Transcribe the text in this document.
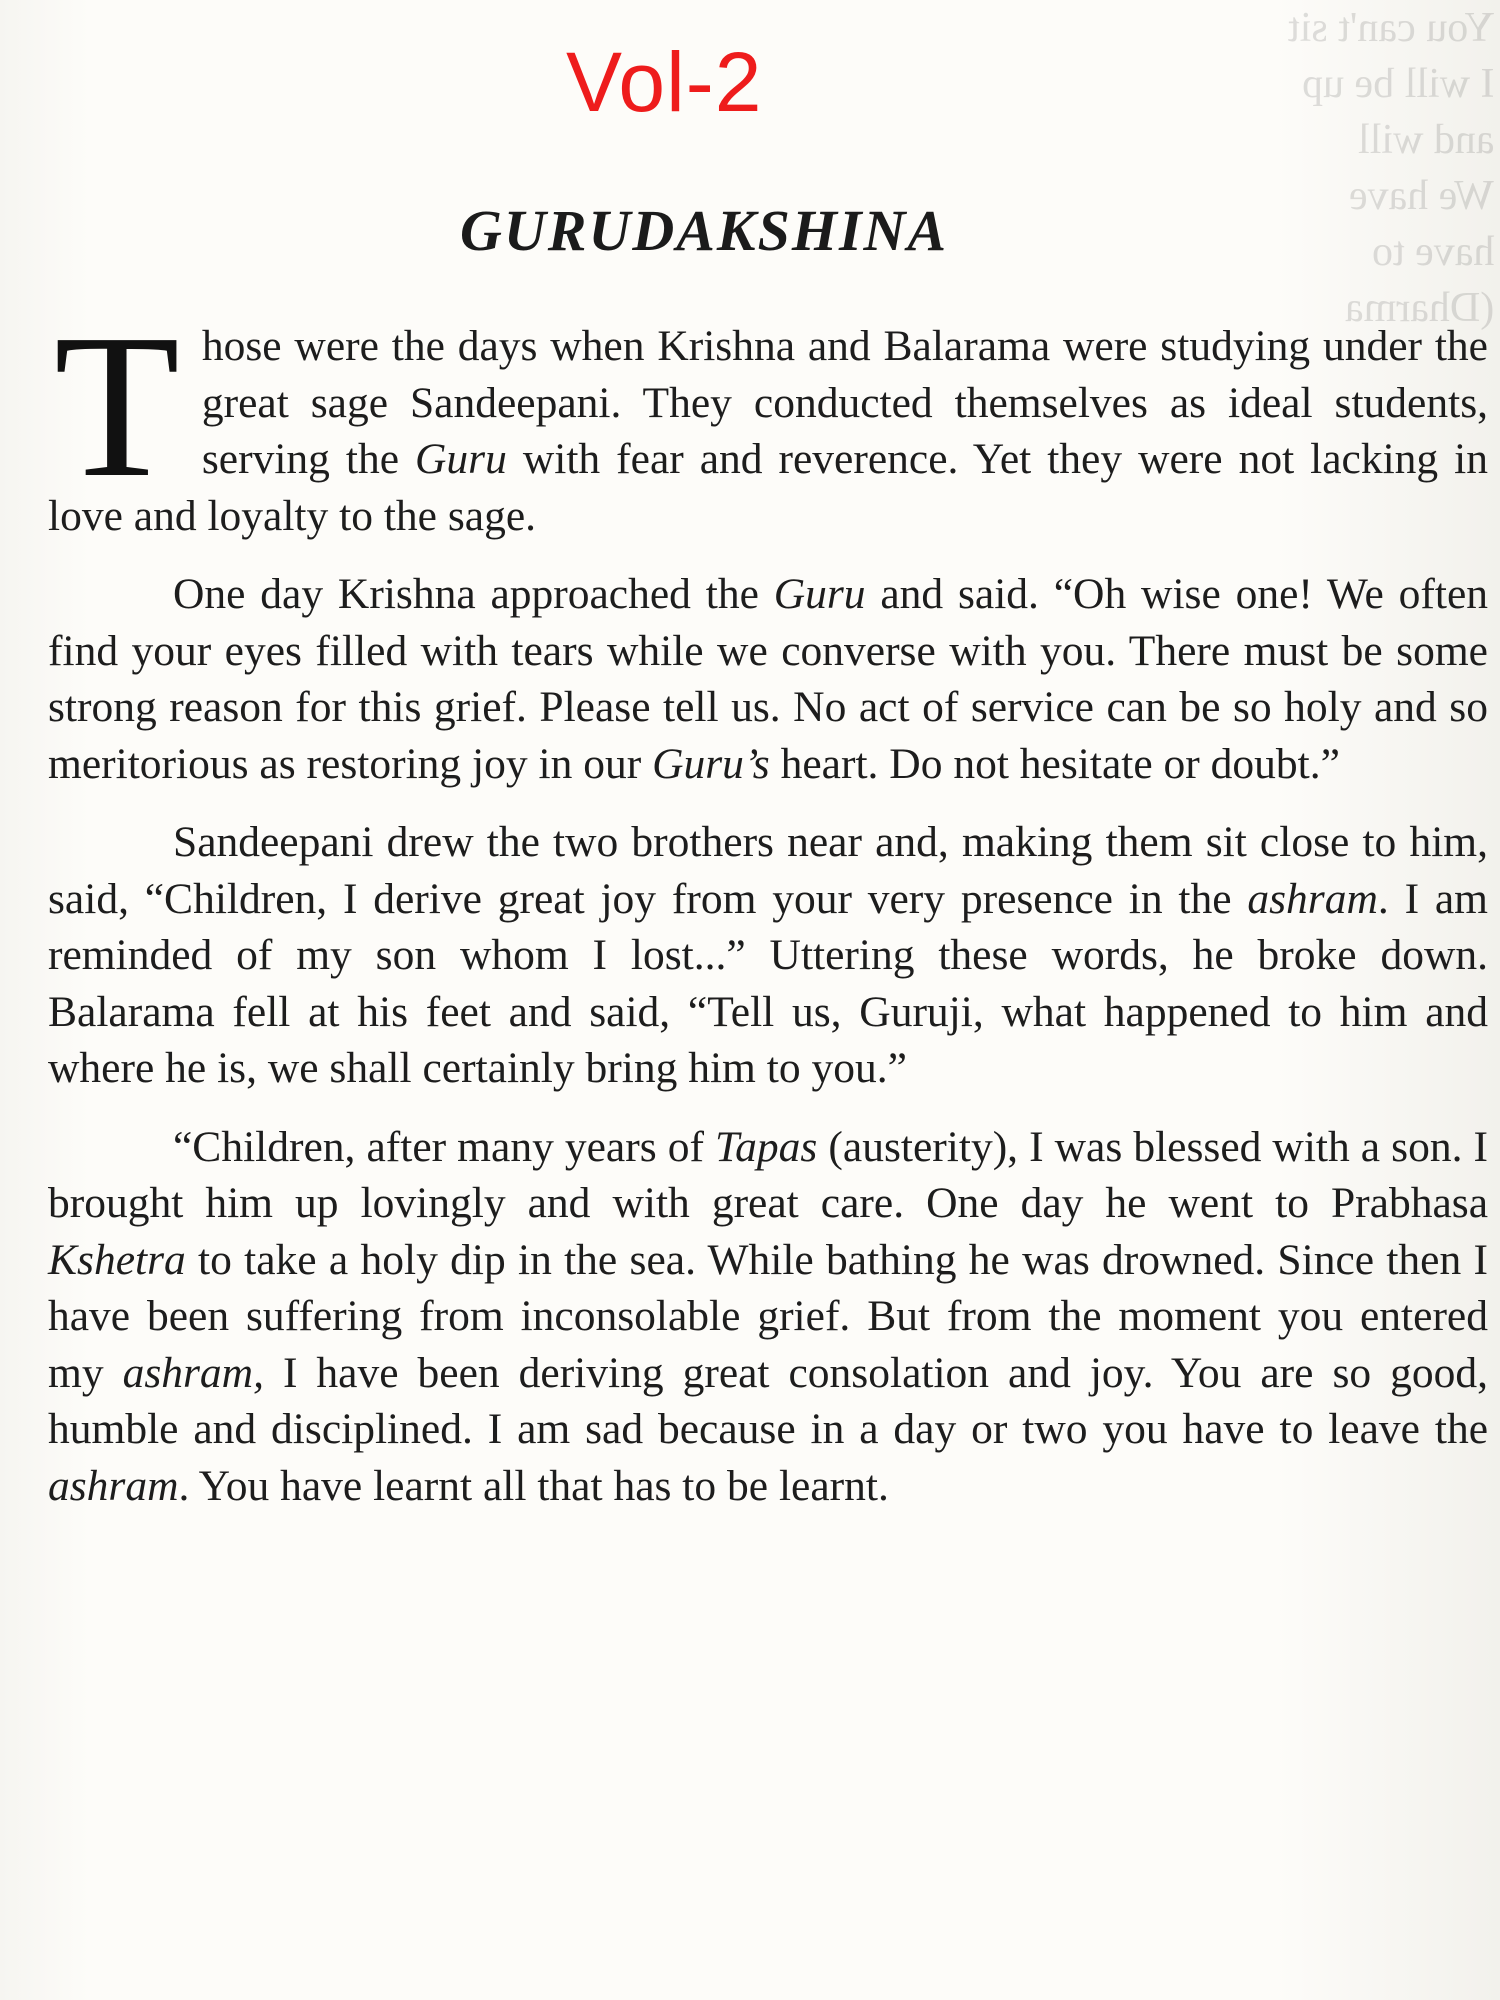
You can't sit
I will be up
and will
We have
have to
(Dharma
Vol-2
GURUDAKSHINA

Those were the days when Krishna and Balarama were studying under the great sage Sandeepani. They conducted themselves as ideal students, serving the Guru with fear and reverence. Yet they were not lacking in love and loyalty to the sage.

One day Krishna approached the Guru and said. “Oh wise one! We often find your eyes filled with tears while we converse with you. There must be some strong reason for this grief. Please tell us. No act of service can be so holy and so meritorious as restoring joy in our Guru’s heart. Do not hesitate or doubt.”

Sandeepani drew the two brothers near and, making them sit close to him, said, “Children, I derive great joy from your very presence in the ashram. I am reminded of my son whom I lost...” Uttering these words, he broke down. Balarama fell at his feet and said, “Tell us, Guruji, what happened to him and where he is, we shall certainly bring him to you.”

“Children, after many years of Tapas (austerity), I was blessed with a son. I brought him up lovingly and with great care. One day he went to Prabhasa Kshetra to take a holy dip in the sea. While bathing he was drowned. Since then I have been suffering from inconsolable grief. But from the moment you entered my ashram, I have been deriving great consolation and joy. You are so good, humble and disciplined. I am sad because in a day or two you have to leave the ashram. You have learnt all that has to be learnt.
